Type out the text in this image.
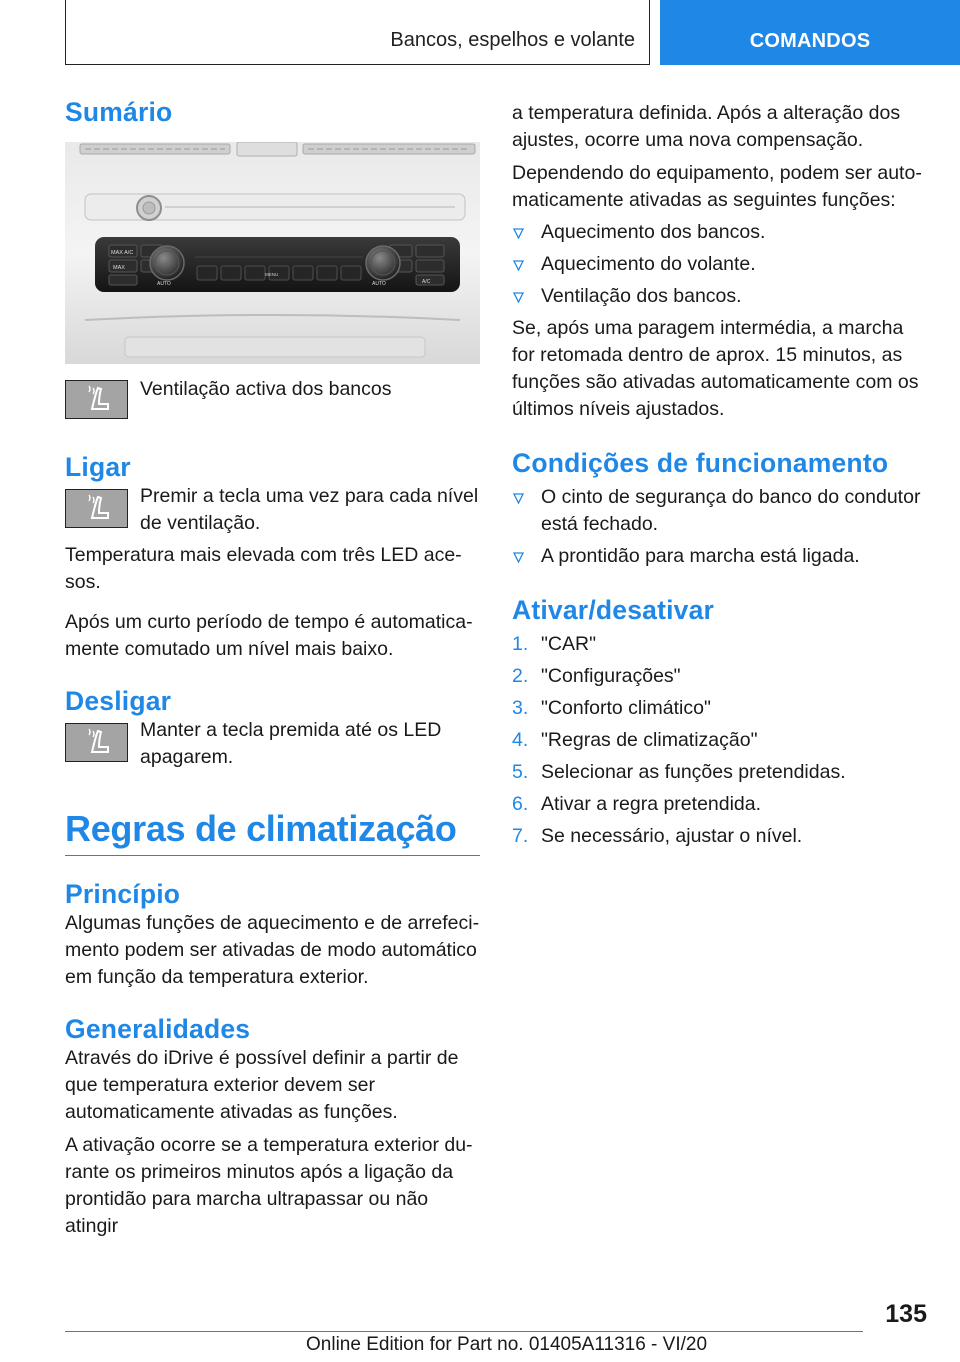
Bancos, espelhos e volante	COMANDOS
Sumário
MAX A/C
MAX
AUTO	AUTO
MENU
A/C
Ventilação activa dos bancos
Ligar
Premir a tecla uma vez para cada nível de ventilação.

Temperatura mais elevada com três LED acesos.

Após um curto período de tempo é automaticamente comutado um nível mais baixo.

Desligar
Manter a tecla premida até os LED apagarem.
Regras de climatização
Princípio

Algumas funções de aquecimento e de arrefecimento podem ser ativadas de modo automático em função da temperatura exterior.

Generalidades

Através do iDrive é possível definir a partir de que temperatura exterior devem ser automaticamente ativadas as funções.

A ativação ocorre se a temperatura exterior durante os primeiros minutos após a ligação da prontidão para marcha ultrapassar ou não atingir

a temperatura definida. Após a alteração dos ajustes, ocorre uma nova compensação.

Dependendo do equipamento, podem ser automaticamente ativadas as seguintes funções:

Aquecimento dos bancos.
Aquecimento do volante.
Ventilação dos bancos.

Se, após uma paragem intermédia, a marcha for retomada dentro de aprox. 15 minutos, as funções são ativadas automaticamente com os últimos níveis ajustados.

Condições de funcionamento
O cinto de segurança do banco do condutor está fechado.
A prontidão para marcha está ligada.
Ativar/desativar
1. "CAR"
2. "Configurações"
3. "Conforto climático"
4. "Regras de climatização"
5. Selecionar as funções pretendidas.
6. Ativar a regra pretendida.
7. Se necessário, ajustar o nível.
135
Online Edition for Part no. 01405A11316 - VI/20
